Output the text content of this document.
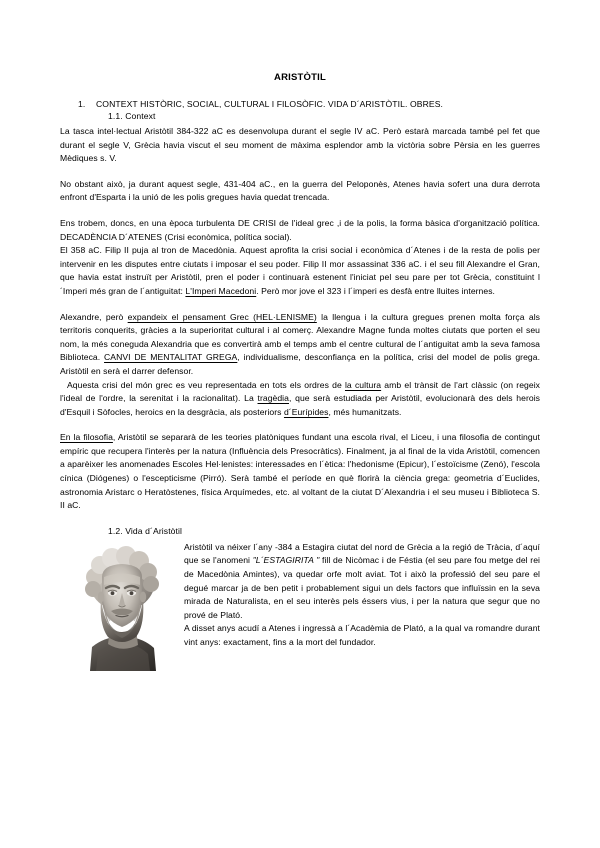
ARISTÒTIL
1. CONTEXT HISTÒRIC, SOCIAL, CULTURAL I FILOSÒFIC. VIDA D´ARISTÒTIL. OBRES.
1.1. Context

La tasca intel·lectual Aristòtil 384-322 aC es desenvolupa durant el segle IV aC. Però estarà marcada també pel fet que durant el segle V, Grècia havia viscut el seu moment de màxima esplendor amb la victòria sobre Pèrsia en les guerres Mèdiques s. V.

No obstant això, ja durant aquest segle, 431-404 aC., en la guerra del Peloponès, Atenes havia sofert una dura derrota enfront d'Esparta i la unió de les polis gregues havia quedat trencada.

Ens trobem, doncs, en una època turbulenta DE CRISI de l'ideal grec ,i de la polis, la forma bàsica d'organització política. DECADÈNCIA D´ATENES (Crisi econòmica, política social).

El 358 aC. Filip II puja al tron de Macedònia. Aquest aprofita la crisi social i econòmica d´Atenes i de la resta de polis per intervenir en les disputes entre ciutats i imposar el seu poder. Filip II mor assassinat 336 aC. i el seu fill Alexandre el Gran, que havia estat instruït per Aristòtil, pren el poder i continuarà estenent l'iniciat pel seu pare per tot Grècia, constituint l´Imperi més gran de l´antiguitat: L'Imperi Macedoni. Però mor jove el 323 i l´imperi es desfà entre lluites internes.

Alexandre, però expandeix el pensament Grec (HEL·LENISME) la llengua i la cultura gregues prenen molta força als territoris conquerits, gràcies a la superioritat cultural i al comerç. Alexandre Magne funda moltes ciutats que porten el seu nom, la més coneguda Alexandria que es convertirà amb el temps amb el centre cultural de l´antiguitat amb la seva famosa Biblioteca. CANVI DE MENTALITAT GREGA, individualisme, desconfiança en la política, crisi del model de polis grega. Aristòtil en serà el darrer defensor.

Aquesta crisi del món grec es veu representada en tots els ordres de la cultura amb el trànsit de l'art clàssic (on regeix l'ideal de l'ordre, la serenitat i la racionalitat). La tragèdia, que serà estudiada per Aristòtil, evolucionarà des dels herois d'Esquil i Sòfocles, heroics en la desgràcia, als posteriors d´Eurípides, més humanitzats.

En la filosofia, Aristòtil se separarà de les teories platòniques fundant una escola rival, el Liceu, i una filosofia de contingut empíric que recupera l'interès per la natura (Influència dels Presocràtics). Finalment, ja al final de la vida Aristòtil, comencen a aparèixer les anomenades Escoles Hel·lenistes: interessades en l´ètica: l'hedonisme (Epicur), l´estoïcisme (Zenó), l'escola cínica (Diógenes) o l'escepticisme (Pirró). Serà també el període en què florirà la ciència grega: geometria d´Euclides, astronomia Aristarc o Heratòstenes, física Arquímedes, etc. al voltant de la ciutat D´Alexandria i el seu museu i Biblioteca S. II aC.

1.2. Vida d´Aristòtil

Aristòtil va néixer l´any -384 a Estagira ciutat del nord de Grècia a la regió de Tràcia, d´aquí que se l'anomeni "L´ESTAGIRITA " fill de Nicòmac i de Féstia (el seu pare fou metge del rei de Macedònia Amintes), va quedar orfe molt aviat. Tot i això la professió del seu pare el degué marcar ja de ben petit i probablement sigui un dels factors que influïssin en la seva mirada de Naturalista, en el seu interès pels éssers vius, i per la natura que segur que no prové de Plató.

A disset anys acudí a Atenes i ingressà a l´Acadèmia de Plató, a la qual va romandre durant vint anys: exactament, fins a la mort del fundador.
